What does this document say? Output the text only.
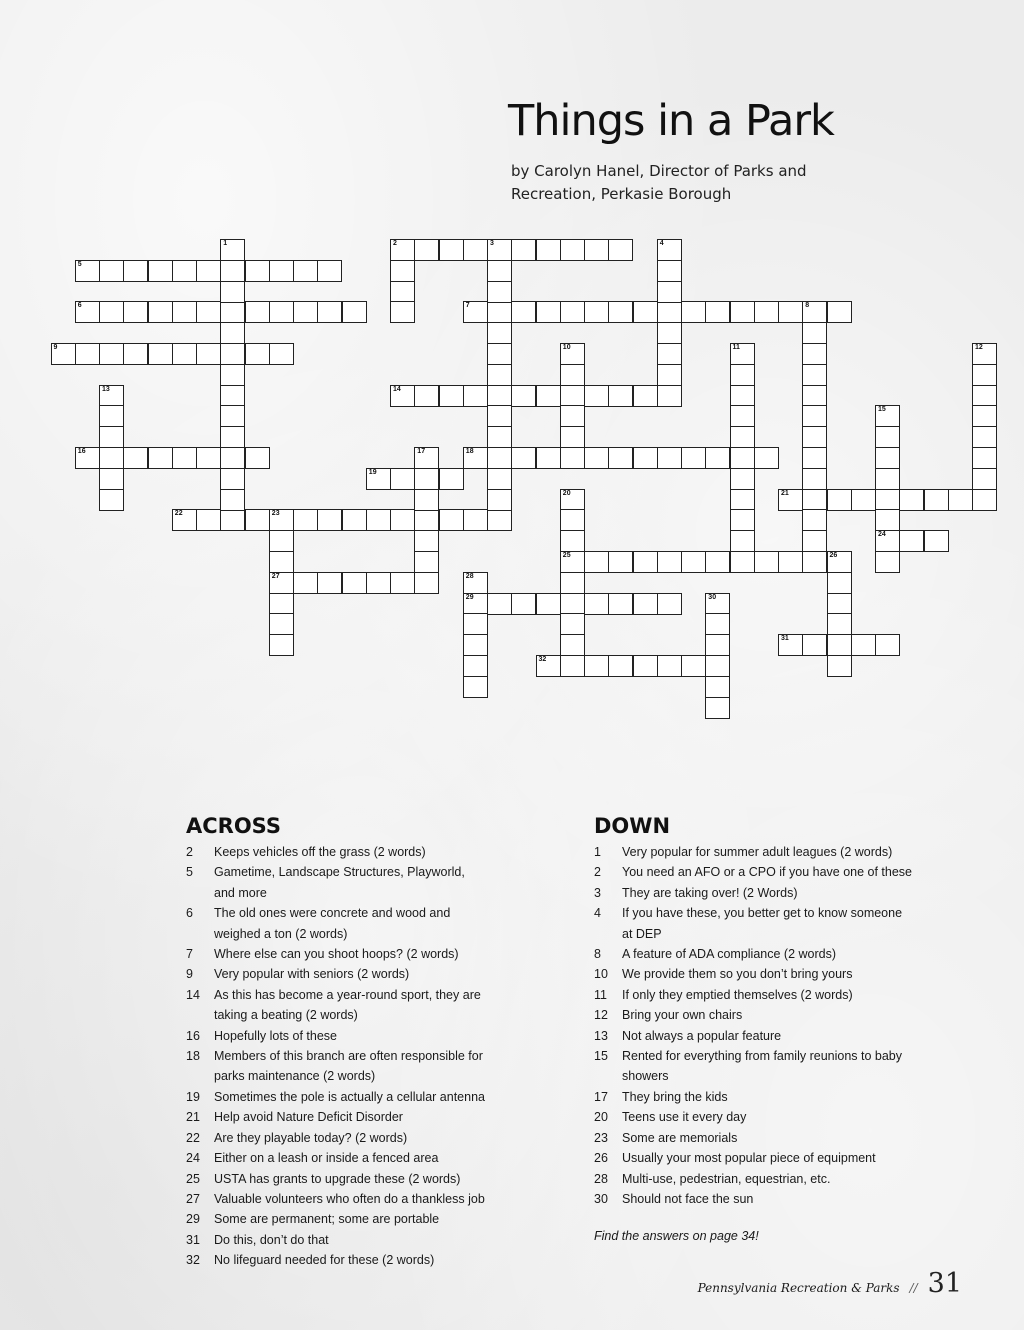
Things in a Park

by Carolyn Hanel, Director of Parks and Recreation, Perkasie Borough

2	3
5
6	7	8
9
14
16	18
19
21
22	23
24
25	26
27
29
31
32
1	4
10	11	12
13
15
17
20
28
30
ACROSS
2	Keeps vehicles off the grass (2 words)
5	Gametime, Landscape Structures, Playworld, and more
6	The old ones were concrete and wood and weighed a ton (2 words)
7	Where else can you shoot hoops? (2 words)
9	Very popular with seniors (2 words)
14	As this has become a year-round sport, they are taking a beating (2 words)
16	Hopefully lots of these
18	Members of this branch are often responsible for parks maintenance (2 words)
19	Sometimes the pole is actually a cellular antenna
21	Help avoid Nature Deficit Disorder
22	Are they playable today? (2 words)
24	Either on a leash or inside a fenced area
25	USTA has grants to upgrade these (2 words)
27	Valuable volunteers who often do a thankless job
29	Some are permanent; some are portable
31	Do this, don’t do that
32	No lifeguard needed for these (2 words)
DOWN
1	Very popular for summer adult leagues (2 words)
2	You need an AFO or a CPO if you have one of these
3	They are taking over! (2 Words)
4	If you have these, you better get to know someone at DEP
8	A feature of ADA compliance (2 words)
10	We provide them so you don’t bring yours
11	If only they emptied themselves (2 words)
12	Bring your own chairs
13	Not always a popular feature
15	Rented for everything from family reunions to baby showers
17	They bring the kids
20	Teens use it every day
23	Some are memorials
26	Usually your most popular piece of equipment
28	Multi-use, pedestrian, equestrian, etc.
30	Should not face the sun
Find the answers on page 34!
Pennsylvania Recreation & Parks // 31
